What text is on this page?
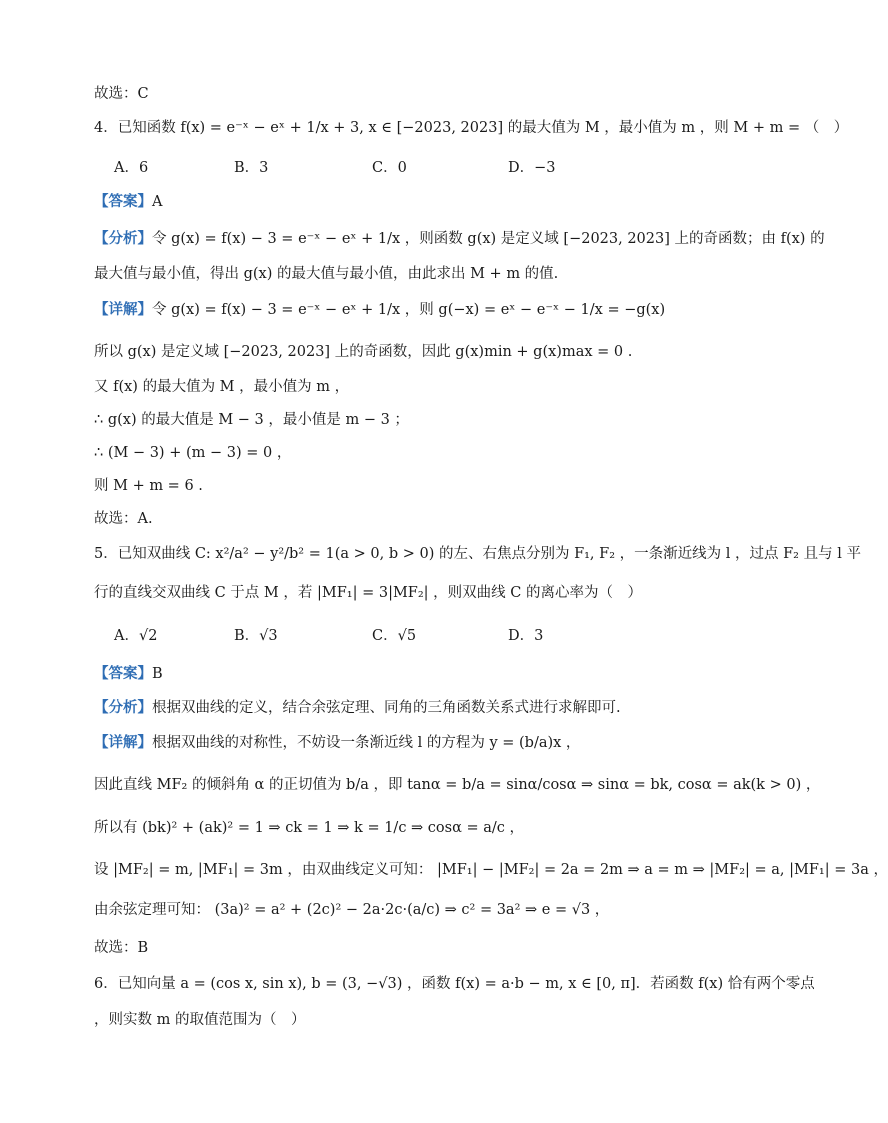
故选：C
4．已知函数 f(x) = e⁻ˣ − eˣ + 1/x + 3, x ∈ [−2023, 2023] 的最大值为 M ，最小值为 m ，则 M + m = （　）
A．6	B．3	C．0	D．−3
【答案】A
【分析】令 g(x) = f(x) − 3 = e⁻ˣ − eˣ + 1/x ，则函数 g(x) 是定义域 [−2023, 2023] 上的奇函数；由 f(x) 的
最大值与最小值，得出 g(x) 的最大值与最小值，由此求出 M + m 的值.
【详解】令 g(x) = f(x) − 3 = e⁻ˣ − eˣ + 1/x ，则 g(−x) = eˣ − e⁻ˣ − 1/x = −g(x)
所以 g(x) 是定义域 [−2023, 2023] 上的奇函数，因此 g(x)min + g(x)max = 0 .
又 f(x) 的最大值为 M ，最小值为 m ，
∴ g(x) 的最大值是 M − 3 ，最小值是 m − 3 ；
∴ (M − 3) + (m − 3) = 0 ，
则 M + m = 6 .
故选：A.
5．已知双曲线 C: x²/a² − y²/b² = 1(a > 0, b > 0) 的左、右焦点分别为 F₁, F₂ ，一条渐近线为 l ，过点 F₂ 且与 l 平
行的直线交双曲线 C 于点 M ，若 |MF₁| = 3|MF₂| ，则双曲线 C 的离心率为（　）
A．√2	B．√3	C．√5	D．3
【答案】B
【分析】根据双曲线的定义，结合余弦定理、同角的三角函数关系式进行求解即可.
【详解】根据双曲线的对称性，不妨设一条渐近线 l 的方程为 y = (b/a)x ，
因此直线 MF₂ 的倾斜角 α 的正切值为 b/a ，即 tanα = b/a = sinα/cosα ⇒ sinα = bk, cosα = ak(k > 0) ，
所以有 (bk)² + (ak)² = 1 ⇒ ck = 1 ⇒ k = 1/c ⇒ cosα = a/c ，
设 |MF₂| = m, |MF₁| = 3m ，由双曲线定义可知： |MF₁| − |MF₂| = 2a = 2m ⇒ a = m ⇒ |MF₂| = a, |MF₁| = 3a ，
由余弦定理可知： (3a)² = a² + (2c)² − 2a·2c·(a/c) ⇒ c² = 3a² ⇒ e = √3 ，
故选：B
6．已知向量 a = (cos x, sin x), b = (3, −√3) ，函数 f(x) = a·b − m, x ∈ [0, π]．若函数 f(x) 恰有两个零点
，则实数 m 的取值范围为（　）
